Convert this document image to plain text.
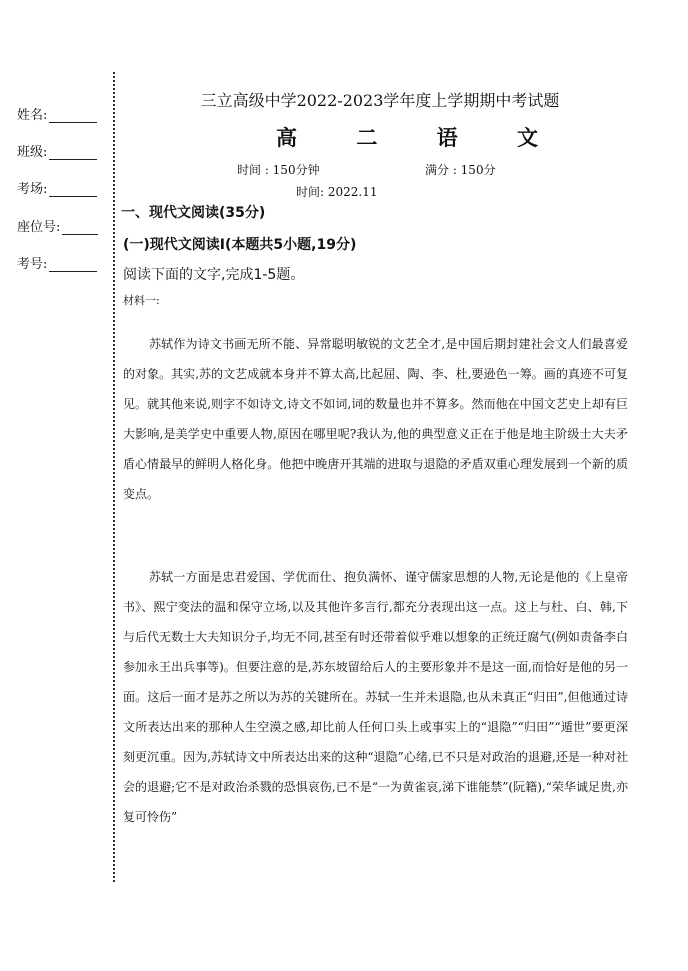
姓名:
班级:
考场:
座位号:
考号:
三立高级中学2022-2023学年度上学期期中考试题
高 二 语 文
时间 : 150分钟	满分 : 150分
时间: 2022.11
一、现代文阅读(35分)
(一)现代文阅读Ⅰ(本题共5小题,19分)
阅读下面的文字,完成1-5题。
材料一:

苏轼作为诗文书画无所不能、异常聪明敏锐的文艺全才,是中国后期封建社会文人们最喜爱的对象。其实,苏的文艺成就本身并不算太高,比起屈、陶、李、杜,要逊色一筹。画的真迹不可复见。就其他来说,则字不如诗文,诗文不如词,词的数量也并不算多。然而他在中国文艺史上却有巨大影响,是美学史中重要人物,原因在哪里呢?我认为,他的典型意义正在于他是地主阶级士大夫矛盾心情最早的鲜明人格化身。他把中晚唐开其端的进取与退隐的矛盾双重心理发展到一个新的质变点。

苏轼一方面是忠君爱国、学优而仕、抱负满怀、谨守儒家思想的人物,无论是他的《上皇帝书》、熙宁变法的温和保守立场,以及其他许多言行,都充分表现出这一点。这上与杜、白、韩,下与后代无数士大夫知识分子,均无不同,甚至有时还带着似乎难以想象的正统迂腐气(例如责备李白参加永王出兵事等)。但要注意的是,苏东坡留给后人的主要形象并不是这一面,而恰好是他的另一面。这后一面才是苏之所以为苏的关键所在。苏轼一生并未退隐,也从未真正“归田”,但他通过诗文所表达出来的那种人生空漠之感,却比前人任何口头上或事实上的“退隐”“归田”“遁世”要更深刻更沉重。因为,苏轼诗文中所表达出来的这种“退隐”心绪,已不只是对政治的退避,还是一种对社会的退避;它不是对政治杀戮的恐惧哀伤,已不是“一为黄雀哀,涕下谁能禁”(阮籍),“荣华诚足贵,亦复可怜伤”
